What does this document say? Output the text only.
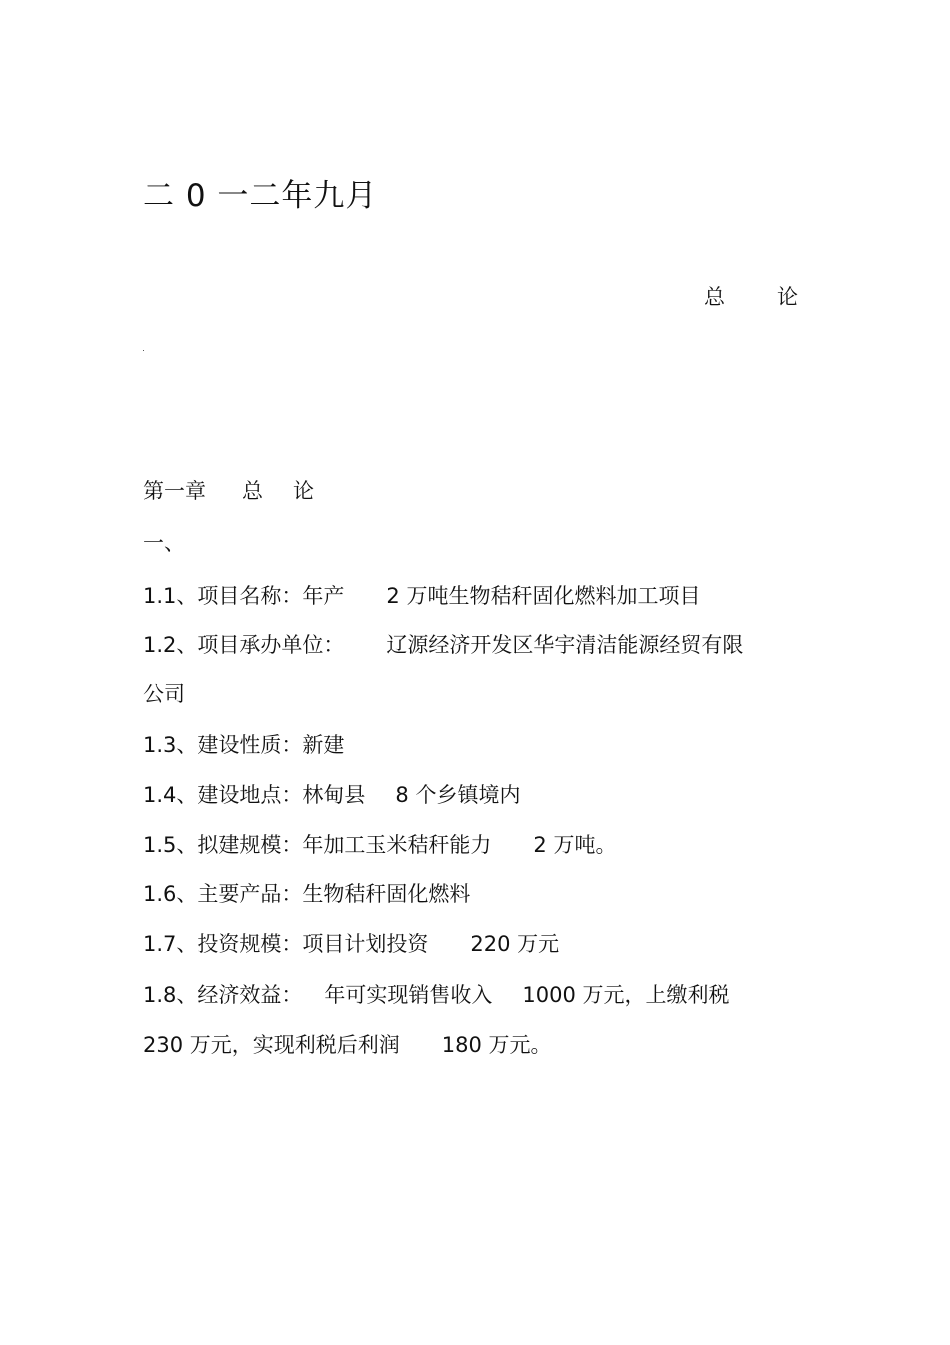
二 0 一二年九月
总 论
第一章 总 论
一、
1.1、项目名称：年产 2 万吨生物秸秆固化燃料加工项目
1.2、项目承办单位： 辽源经济开发区华宇清洁能源经贸有限
公司
1.3、建设性质：新建
1.4、建设地点：林甸县 8 个乡镇境内
1.5、拟建规模：年加工玉米秸秆能力 2 万吨。
1.6、主要产品：生物秸秆固化燃料
1.7、投资规模：项目计划投资 220 万元
1.8、经济效益： 年可实现销售收入 1000 万元，上缴利税
230 万元，实现利税后利润 180 万元。
